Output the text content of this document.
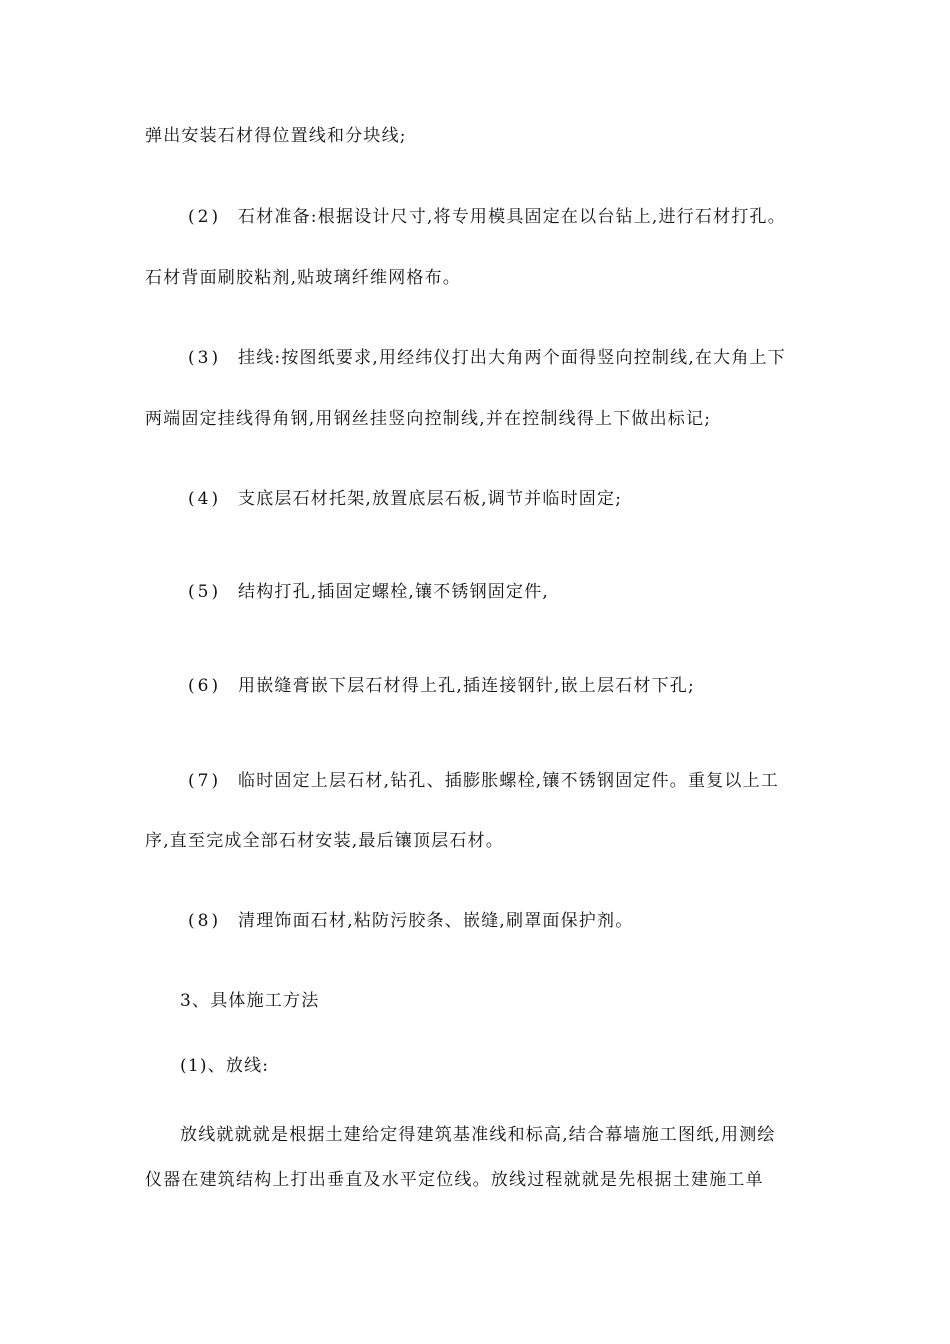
弹出安装石材得位置线和分块线;
(2) 石材准备:根据设计尺寸,将专用模具固定在以台钻上,进行石材打孔。
石材背面刷胶粘剂,贴玻璃纤维网格布。
(3) 挂线:按图纸要求,用经纬仪打出大角两个面得竖向控制线,在大角上下
两端固定挂线得角钢,用钢丝挂竖向控制线,并在控制线得上下做出标记;
(4) 支底层石材托架,放置底层石板,调节并临时固定;
(5) 结构打孔,插固定螺栓,镶不锈钢固定件,
(6) 用嵌缝膏嵌下层石材得上孔,插连接钢针,嵌上层石材下孔;
(7) 临时固定上层石材,钻孔、插膨胀螺栓,镶不锈钢固定件。重复以上工
序,直至完成全部石材安装,最后镶顶层石材。
(8) 清理饰面石材,粘防污胶条、嵌缝,刷罩面保护剂。
3、具体施工方法
(1)、放线:
放线就就就是根据土建给定得建筑基准线和标高,结合幕墙施工图纸,用测绘
仪器在建筑结构上打出垂直及水平定位线。放线过程就就是先根据土建施工单
